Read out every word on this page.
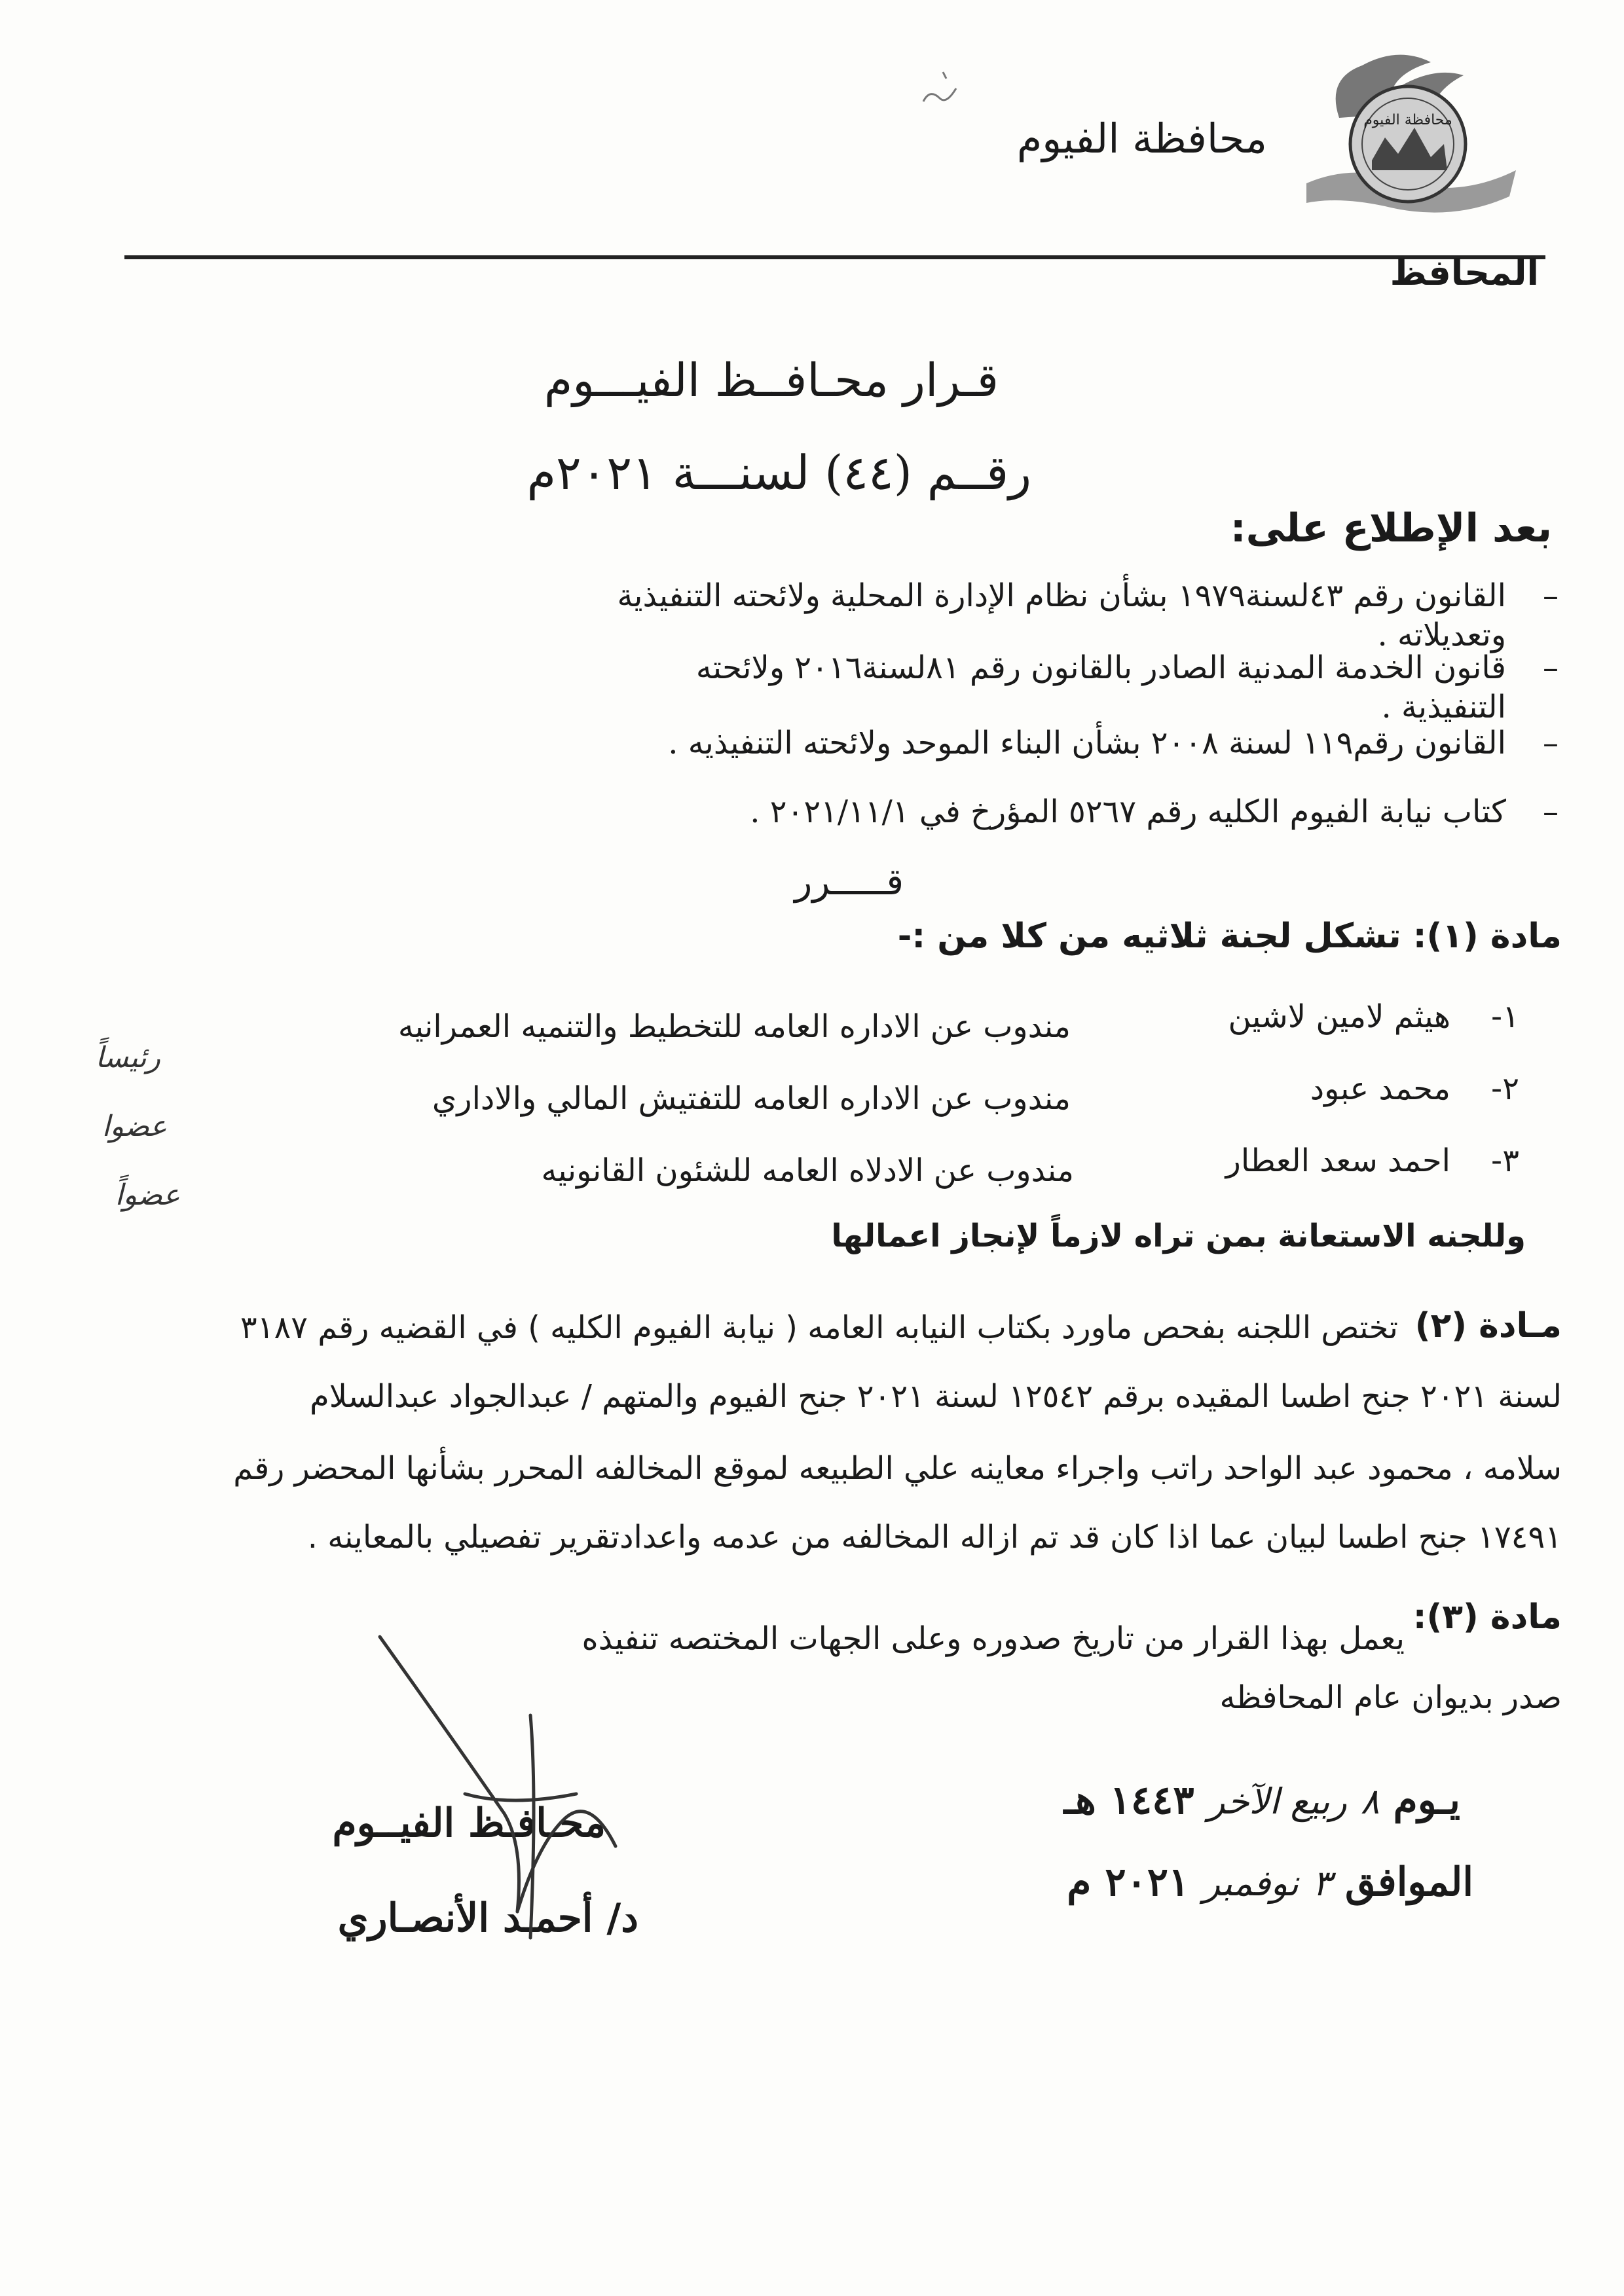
محافظة الفيوم
محافظة الفيوم
المحافظ
قـرار محـافــظ الفيـــوم
رقــم (٤٤) لسنـــة ٢٠٢١م
بعد الإطلاع على:
–
القانون رقم ٤٣لسنة١٩٧٩ بشأن نظام الإدارة المحلية ولائحته التنفيذية
وتعديلاته .
–
قانون الخدمة المدنية الصادر بالقانون رقم ٨١لسنة٢٠١٦ ولائحته
التنفيذية .
–
القانون رقم١١٩ لسنة ٢٠٠٨ بشأن البناء الموحد ولائحته التنفيذيه .
–
كتاب نيابة الفيوم الكليه رقم ٥٢٦٧ المؤرخ في ٢٠٢١/١١/١ .
قـــــرر
مادة (١): تشكل لجنة ثلاثيه من كلا من :-
١-
هيثم لامين لاشين
مندوب عن الاداره العامه للتخطيط والتنميه العمرانيه
رئيساً
٢-
محمد عبود
مندوب عن الاداره العامه للتفتيش المالي والاداري
عضوا
٣-
احمد سعد العطار
مندوب عن الادلاه العامه للشئون القانونيه
عضواً
وللجنه الاستعانة بمن تراه لازماً لإنجاز اعمالها
مـادة (٢)
تختص اللجنه بفحص ماورد بكتاب النيابه العامه ( نيابة الفيوم الكليه ) في القضيه رقم ٣١٨٧
لسنة ٢٠٢١ جنح اطسا المقيده برقم ١٢٥٤٢ لسنة ٢٠٢١ جنح الفيوم والمتهم / عبدالجواد عبدالسلام
سلامه ، محمود عبد الواحد راتب واجراء معاينه علي الطبيعه لموقع المخالفه المحرر بشأنها المحضر رقم
١٧٤٩١ جنح اطسا لبيان عما اذا كان قد تم ازاله المخالفه من عدمه واعدادتقرير تفصيلي بالمعاينه .
مادة (٣):
يعمل بهذا القرار من تاريخ صدوره وعلى الجهات المختصه تنفيذه
صدر بديوان عام المحافظه
يـوم ٨ ربيع الآخر ١٤٤٣ هـ
الموافق ٣ نوفمبر ٢٠٢١ م
محـافـظ الفيــوم
د/ أحمـد الأنصـاري
